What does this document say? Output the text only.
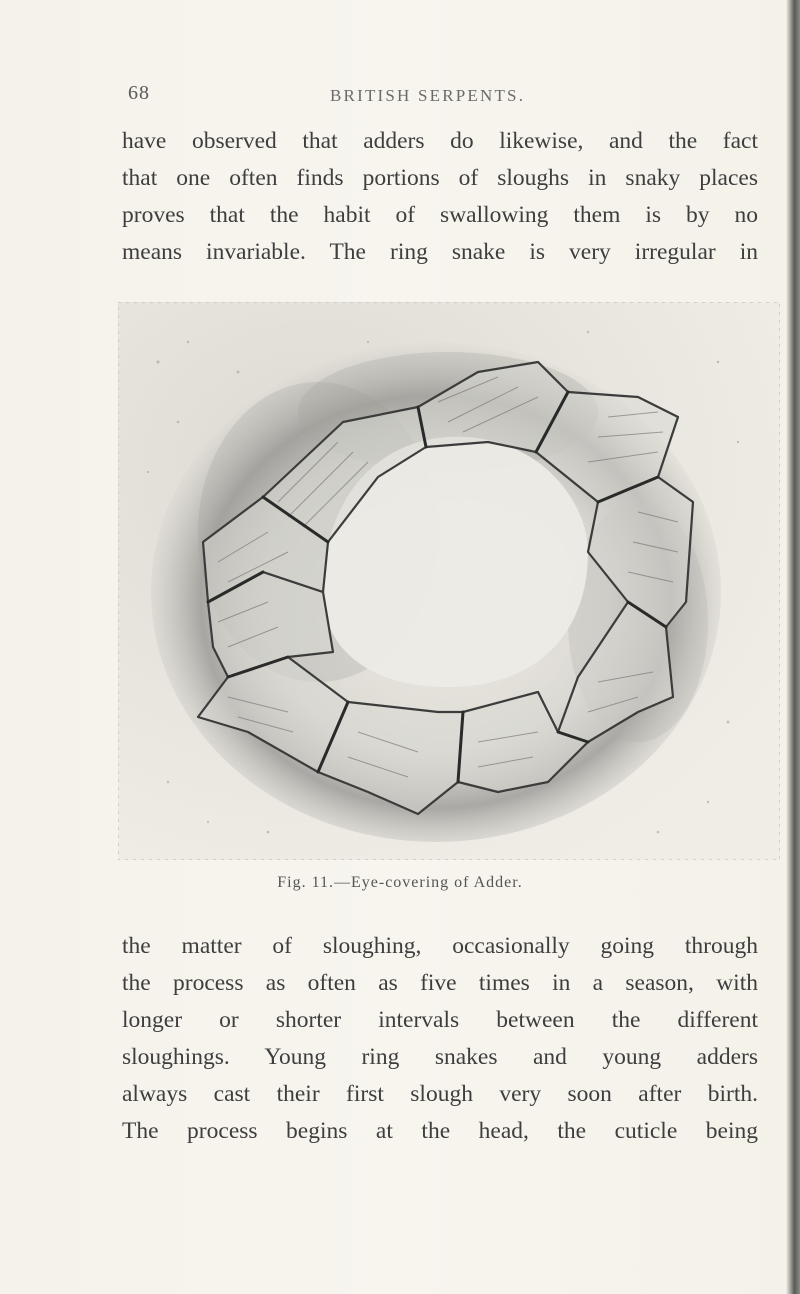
68	BRITISH SERPENTS.
have observed that adders do likewise, and the fact
that one often finds portions of sloughs in snaky places
proves that the habit of swallowing them is by no
means invariable. The ring snake is very irregular in
Fig. 11.—Eye-covering of Adder.
the matter of sloughing, occasionally going through
the process as often as five times in a season, with
longer or shorter intervals between the different
sloughings. Young ring snakes and young adders
always cast their first slough very soon after birth.
The process begins at the head, the cuticle being
